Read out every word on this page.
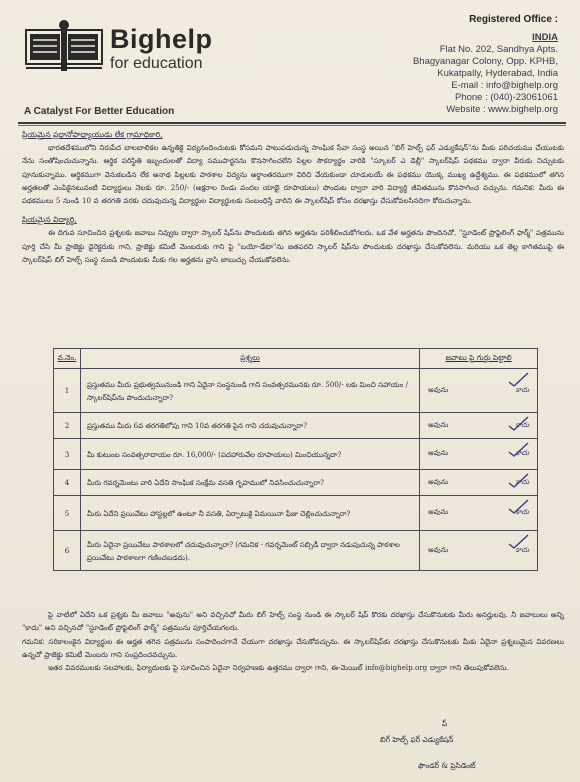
Bighelp
for education
A Catalyst For Better Education
Registered Office :
INDIA
Flat No. 202, Sandhya Apts.
Bhagyanagar Colony, Opp. KPHB,
Kukatpally, Hyderabad, India
E-mail : info@bighelp.org
Phone : (040)-23061061
Website : www.bighelp.org
ప్రియమైన ప్రధానోపాధ్యాయుడు లేక గ్రామాధికారి,

భారతదేశములోని నిరుపేద బాలబాలికల ఉన్నతికై విద్యనందించుటకు కోసమని పాటుపడుచున్న సాంఘిక సేవా సంస్థ అయిన "బిగ్ హెల్ప్ ఫర్ ఎడ్యుకేషన్"ను మీకు పరిచయము చేయుటకు నేను సంతోషించుచున్నాను. ఆర్థిక పరిస్థితి ఇబ్బందులతో విద్యా సముపార్జనను కొనసాగించలేని పిల్లల సౌకర్యార్థం వారికి "స్కూలర్ ఎ డెల్లీ" స్కాలర్‌షిప్ పథకము ద్వారా వీరుకు నిచ్చుటకు పూనుకున్నాము. ఆర్థికముగా వెనుకబడిన లేక అనాథ పిల్లలకు పాఠశాల విద్యను అర్ధాంతరముగా విరిచి వేయకుండా చూడుటయే ఈ పథకము యొక్క ముఖ్య ఉద్దేశ్యము. ఈ పథకములో తగిన అర్హతలతో ఎంపికైనటువంటి విద్యార్థులు నెలకు రూ. 250/- (అక్షరాల రెండు వందల యాభై రూపాయలు) పొందుట ద్వారా వారి విద్యార్థి జీవితమును కొనసాగించ వచ్చును. గమనిక: మీరు ఈ పథకములు 5 నుండి 10 వ తరగతి వరకు చదువుచున్న విద్యార్థుల విద్యార్థులకు సంబంధిస్తే వారిని ఈ స్కాలర్‌షిప్ కోసం దరఖాస్తు చేసుకోవలసినదిగా కోరుచున్నాను.

ప్రియమైన విద్యార్థి,

ఈ దిగువ సూచించిన ప్రశ్నలకు జవాబు నివ్వుట ద్వారా స్కాలర్ షిప్‌ను పొందుటకు తగిన అర్హతను పరిశీలించుకోగలరు. ఒక వేళ అర్హతను పొందినచో, "స్టూడెంట్ ప్రొఫైలింగ్ ఫార్మ్" పత్రమును పూర్తి చేసి మీ ప్రాజెక్టు డైరెక్టరుకు గాని, ప్రాజెక్టు కమిటీ మెంబరుకు గాని పై "బయో-డేటా"ను జతపరచి స్కాలర్ షిప్‌ను పొందుటకు దరఖాస్తు చేసుకోవలెను. మరియు ఒక తెల్ల కాగితముపై ఈ స్కాలర్‌షిప్ బిగ్ హెల్ప్ సంస్థ నుండి పొందుటకు మీకు గల అర్హతను వ్రాసి జాబుచ్చు చేయుకోవలెను.

వ.నెం.	ప్రశ్నలు	జవాబు పై గుర్తు పెట్టాలి
1	ప్రస్తుతము మీరు ప్రభుత్వమునుండి గాని ఏదైనా సంస్థనుండి గాని సంవత్సరమునకు రూ. 500/- లకు మించి సహాయం / స్కాలర్‌షిప్‌ను పొందుచున్నారా?	అవును కాదు

2	ప్రస్తుతము మీరు 6వ తరగతిలోపు గాని 10వ తరగతి పైన గాని చదువుచున్నారా?	అవును కాదు

3	మీ కుటుంబ సంవత్సరాదాయం రూ. 16,000/- (పదహారువేల రూపాయలు) మించియున్నదా?	అవును కాదు

4	మీరు గవర్నమెంటు వారి ఏదేని సాంఘిక సంక్షేమ వసతి గృహములో నివసించుచున్నారా?	అవును కాదు

5	మీరు ఏదేని ప్రయివేటు హాస్టల్లలో ఉంటూ నీ వసతి, ఏర్పాటుకై ఏమయినా ఫీజు చెల్లించుచున్నారా?	అవును కాదు

6	మీరు ఏదైనా ప్రయివేటు పాఠశాలలో చదువుచున్నారా? (గమనిక - గవర్నమెంట్ సబ్సిడీ ద్వారా నడుపుచున్న పాఠశాల ప్రయివేటు పాఠశాలగా గణించబడదు).	అవును కాదు

పై వాటిలో ఏదేని ఒక ప్రశ్నకు మీ జవాబు "అవును" అని వచ్చినచో మీరు బిగ్ హెల్ప్ సంస్థ నుండి ఈ స్కాలర్ షిప్ కొరకు దరఖాస్తు చేసుకొనుటకు మీరు అనర్హులవు. నీ జవాబులు అన్ని "కాదు" అని వచ్చినచో "స్టూడెంట్ ప్రొఫైలింగ్ ఫార్మ్" పత్రమును పూర్తిచేయగలరు.

గమనిక: సరికాలంకైన విద్యార్థుల ఈ అర్హత తగిన పత్రమును సంపాదించగానే చేయుగా దరఖాస్తు చేసుకోవచ్చును. ఈ స్కాలర్‌షిప్‌కు దరఖాస్తు చేసుకొనుటకు మీకు ఏదైనా ప్రశ్నలుమైన వివరణలు ఉన్నచో ప్రాజెక్టు కమిటీ మెంబరు గాని సంప్రదించవచ్చును.

ఇతర వివరములకు సలహాలకు, ఫిర్యాదులకు పై సూచించిన ఏదైనా నిర్వహణకు ఉత్తరము ద్వారా గాని, ఈ-మెయిల్ info@bighelp.org ద్వారా గాని తెలుపుకోవలెను.

ప్
బిగ్ హెల్ప్ ఫర్ ఎడ్యుకేషన్
ఫౌండర్ & ప్రెసిడెంట్
